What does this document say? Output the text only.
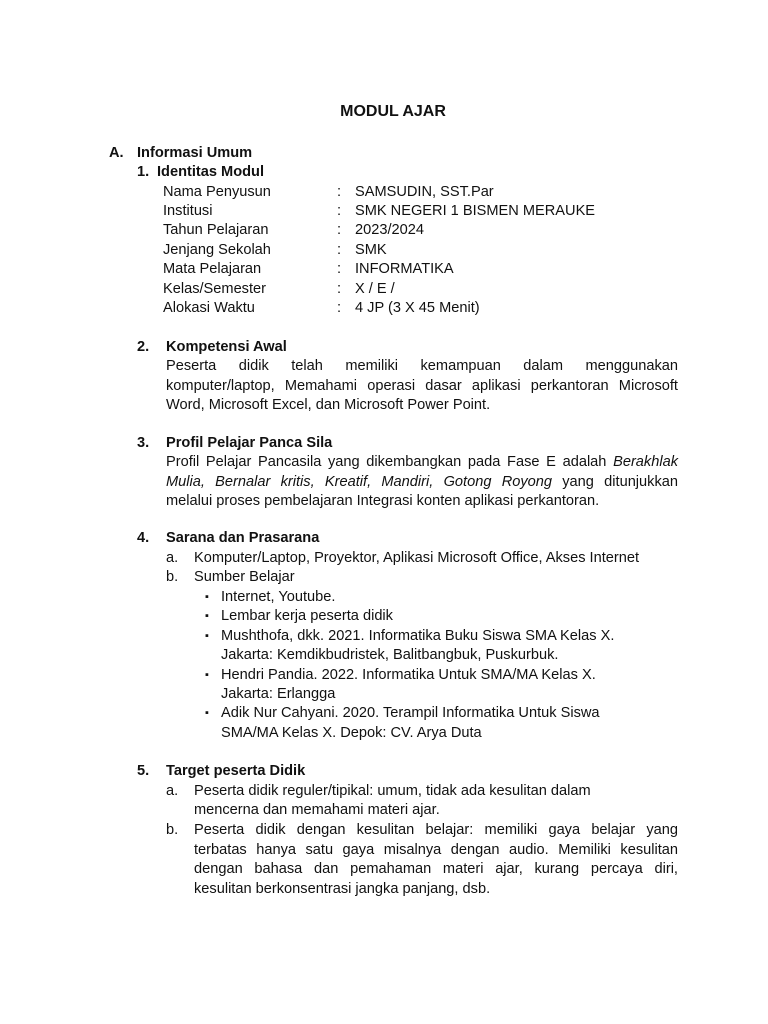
MODUL AJAR
A. Informasi Umum
1. Identitas Modul
Nama Penyusun	: SAMSUDIN, SST.Par
Institusi	: SMK NEGERI 1 BISMEN MERAUKE
Tahun Pelajaran	: 2023/2024
Jenjang Sekolah	: SMK
Mata Pelajaran	: INFORMATIKA
Kelas/Semester	: X / E /
Alokasi Waktu	: 4 JP (3 X 45 Menit)
2. Kompetensi Awal
Peserta didik telah memiliki kemampuan dalam menggunakan
komputer/laptop, Memahami operasi dasar aplikasi perkantoran Microsoft
Word, Microsoft Excel, dan Microsoft Power Point.
3. Profil Pelajar Panca Sila
Profil Pelajar Pancasila yang dikembangkan pada Fase E adalah Berakhlak
Mulia, Bernalar kritis, Kreatif, Mandiri, Gotong Royong yang ditunjukkan
melalui proses pembelajaran Integrasi konten aplikasi perkantoran.
4. Sarana dan Prasarana
a. Komputer/Laptop, Proyektor, Aplikasi Microsoft Office, Akses Internet
b. Sumber Belajar
▪ Internet, Youtube.
▪ Lembar kerja peserta didik
▪ Mushthofa, dkk. 2021. Informatika Buku Siswa SMA Kelas X.
Jakarta: Kemdikbudristek, Balitbangbuk, Puskurbuk.
▪ Hendri Pandia. 2022. Informatika Untuk SMA/MA Kelas X.
Jakarta: Erlangga
▪ Adik Nur Cahyani. 2020. Terampil Informatika Untuk Siswa
SMA/MA Kelas X. Depok: CV. Arya Duta
5. Target peserta Didik
a. Peserta didik reguler/tipikal: umum, tidak ada kesulitan dalam
mencerna dan memahami materi ajar.
b. Peserta didik dengan kesulitan belajar: memiliki gaya belajar yang
terbatas hanya satu gaya misalnya dengan audio. Memiliki kesulitan
dengan bahasa dan pemahaman materi ajar, kurang percaya diri,
kesulitan berkonsentrasi jangka panjang, dsb.
